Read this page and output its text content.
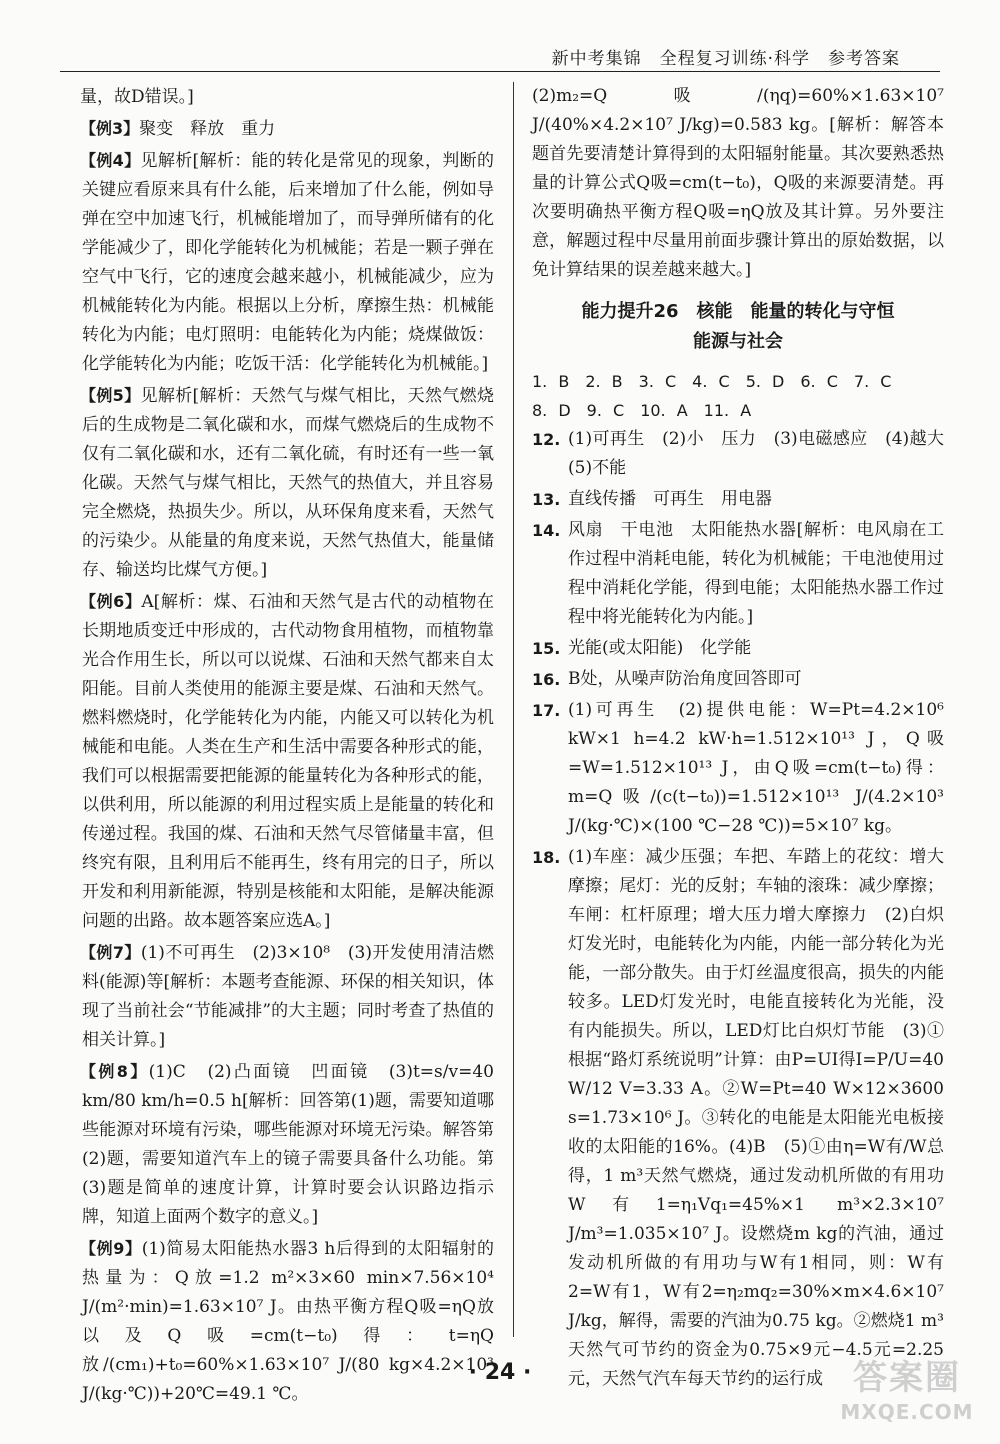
新中考集锦　全程复习训练·科学　参考答案

量，故D错误。]

【例3】聚变　释放　重力

【例4】见解析[解析：能的转化是常见的现象，判断的关键应看原来具有什么能，后来增加了什么能，例如导弹在空中加速飞行，机械能增加了，而导弹所储有的化学能减少了，即化学能转化为机械能；若是一颗子弹在空气中飞行，它的速度会越来越小，机械能减少，应为机械能转化为内能。根据以上分析，摩擦生热：机械能转化为内能；电灯照明：电能转化为内能；烧煤做饭：化学能转化为内能；吃饭干活：化学能转化为机械能。]

【例5】见解析[解析：天然气与煤气相比，天然气燃烧后的生成物是二氧化碳和水，而煤气燃烧后的生成物不仅有二氧化碳和水，还有二氧化硫，有时还有一些一氧化碳。天然气与煤气相比，天然气的热值大，并且容易完全燃烧，热损失少。所以，从环保角度来看，天然气的污染少。从能量的角度来说，天然气热值大，能量储存、输送均比煤气方便。]

【例6】A[解析：煤、石油和天然气是古代的动植物在长期地质变迁中形成的，古代动物食用植物，而植物靠光合作用生长，所以可以说煤、石油和天然气都来自太阳能。目前人类使用的能源主要是煤、石油和天然气。燃料燃烧时，化学能转化为内能，内能又可以转化为机械能和电能。人类在生产和生活中需要各种形式的能，我们可以根据需要把能源的能量转化为各种形式的能，以供利用，所以能源的利用过程实质上是能量的转化和传递过程。我国的煤、石油和天然气尽管储量丰富，但终究有限，且利用后不能再生，终有用完的日子，所以开发和利用新能源，特别是核能和太阳能，是解决能源问题的出路。故本题答案应选A。]

【例7】(1)不可再生　(2)3×10⁸　(3)开发使用清洁燃料(能源)等[解析：本题考查能源、环保的相关知识，体现了当前社会“节能减排”的大主题；同时考查了热值的相关计算。]

【例8】(1)C　(2)凸面镜　凹面镜　(3)t=s/v=40 km/80 km/h=0.5 h[解析：回答第(1)题，需要知道哪些能源对环境有污染，哪些能源对环境无污染。解答第(2)题，需要知道汽车上的镜子需要具备什么功能。第(3)题是简单的速度计算，计算时要会认识路边指示牌，知道上面两个数字的意义。]

【例9】(1)简易太阳能热水器3 h后得到的太阳辐射的热量为：Q放=1.2 m²×3×60 min×7.56×10⁴ J/(m²·min)=1.63×10⁷ J。由热平衡方程Q吸=ηQ放以及Q吸=cm(t−t₀)得：t=ηQ放/(cm₁)+t₀=60%×1.63×10⁷ J/(80 kg×4.2×10³ J/(kg·℃))+20℃=49.1 ℃。

(2)m₂=Q吸/(ηq)=60%×1.63×10⁷ J/(40%×4.2×10⁷ J/kg)=0.583 kg。[解析：解答本题首先要清楚计算得到的太阳辐射能量。其次要熟悉热量的计算公式Q吸=cm(t−t₀)，Q吸的来源要清楚。再次要明确热平衡方程Q吸=ηQ放及其计算。另外要注意，解题过程中尽量用前面步骤计算出的原始数据，以免计算结果的误差越来越大。]

能力提升26　核能　能量的转化与守恒
能源与社会

1. B　2. B　3. C　4. C　5. D　6. C　7. C

8. D　9. C　10. A　11. A

12. (1)可再生　(2)小　压力　(3)电磁感应　(4)越大　(5)不能
13. 直线传播　可再生　用电器
14. 风扇　干电池　太阳能热水器[解析：电风扇在工作过程中消耗电能，转化为机械能；干电池使用过程中消耗化学能，得到电能；太阳能热水器工作过程中将光能转化为内能。]
15. 光能(或太阳能)　化学能
16. B处，从噪声防治角度回答即可
17. (1)可再生　(2)提供电能：W=Pt=4.2×10⁶ kW×1 h=4.2 kW·h=1.512×10¹³ J，Q吸=W=1.512×10¹³ J，由Q吸=cm(t−t₀)得：m=Q吸/(c(t−t₀))=1.512×10¹³ J/(4.2×10³ J/(kg·℃)×(100 ℃−28 ℃))=5×10⁷ kg。
18. (1)车座：减少压强；车把、车踏上的花纹：增大摩擦；尾灯：光的反射；车轴的滚珠：减少摩擦；车闸：杠杆原理；增大压力增大摩擦力　(2)白炽灯发光时，电能转化为内能，内能一部分转化为光能，一部分散失。由于灯丝温度很高，损失的内能较多。LED灯发光时，电能直接转化为光能，没有内能损失。所以，LED灯比白炽灯节能　(3)①根据“路灯系统说明”计算：由P=UI得I=P/U=40 W/12 V=3.33 A。②W=Pt=40 W×12×3600 s=1.73×10⁶ J。③转化的电能是太阳能光电板接收的太阳能的16%。(4)B　(5)①由η=W有/W总得，1 m³天然气燃烧，通过发动机所做的有用功W有1=η₁Vq₁=45%×1 m³×2.3×10⁷ J/m³=1.035×10⁷ J。设燃烧m kg的汽油，通过发动机所做的有用功与W有1相同，则：W有2=W有1，W有2=η₂mq₂=30%×m×4.6×10⁷ J/kg，解得，需要的汽油为0.75 kg。②燃烧1 m³天然气可节约的资金为0.75×9元−4.5元=2.25元，天然气汽车每天节约的运行成
· 24 ·	答案圈
MXQE.COM
